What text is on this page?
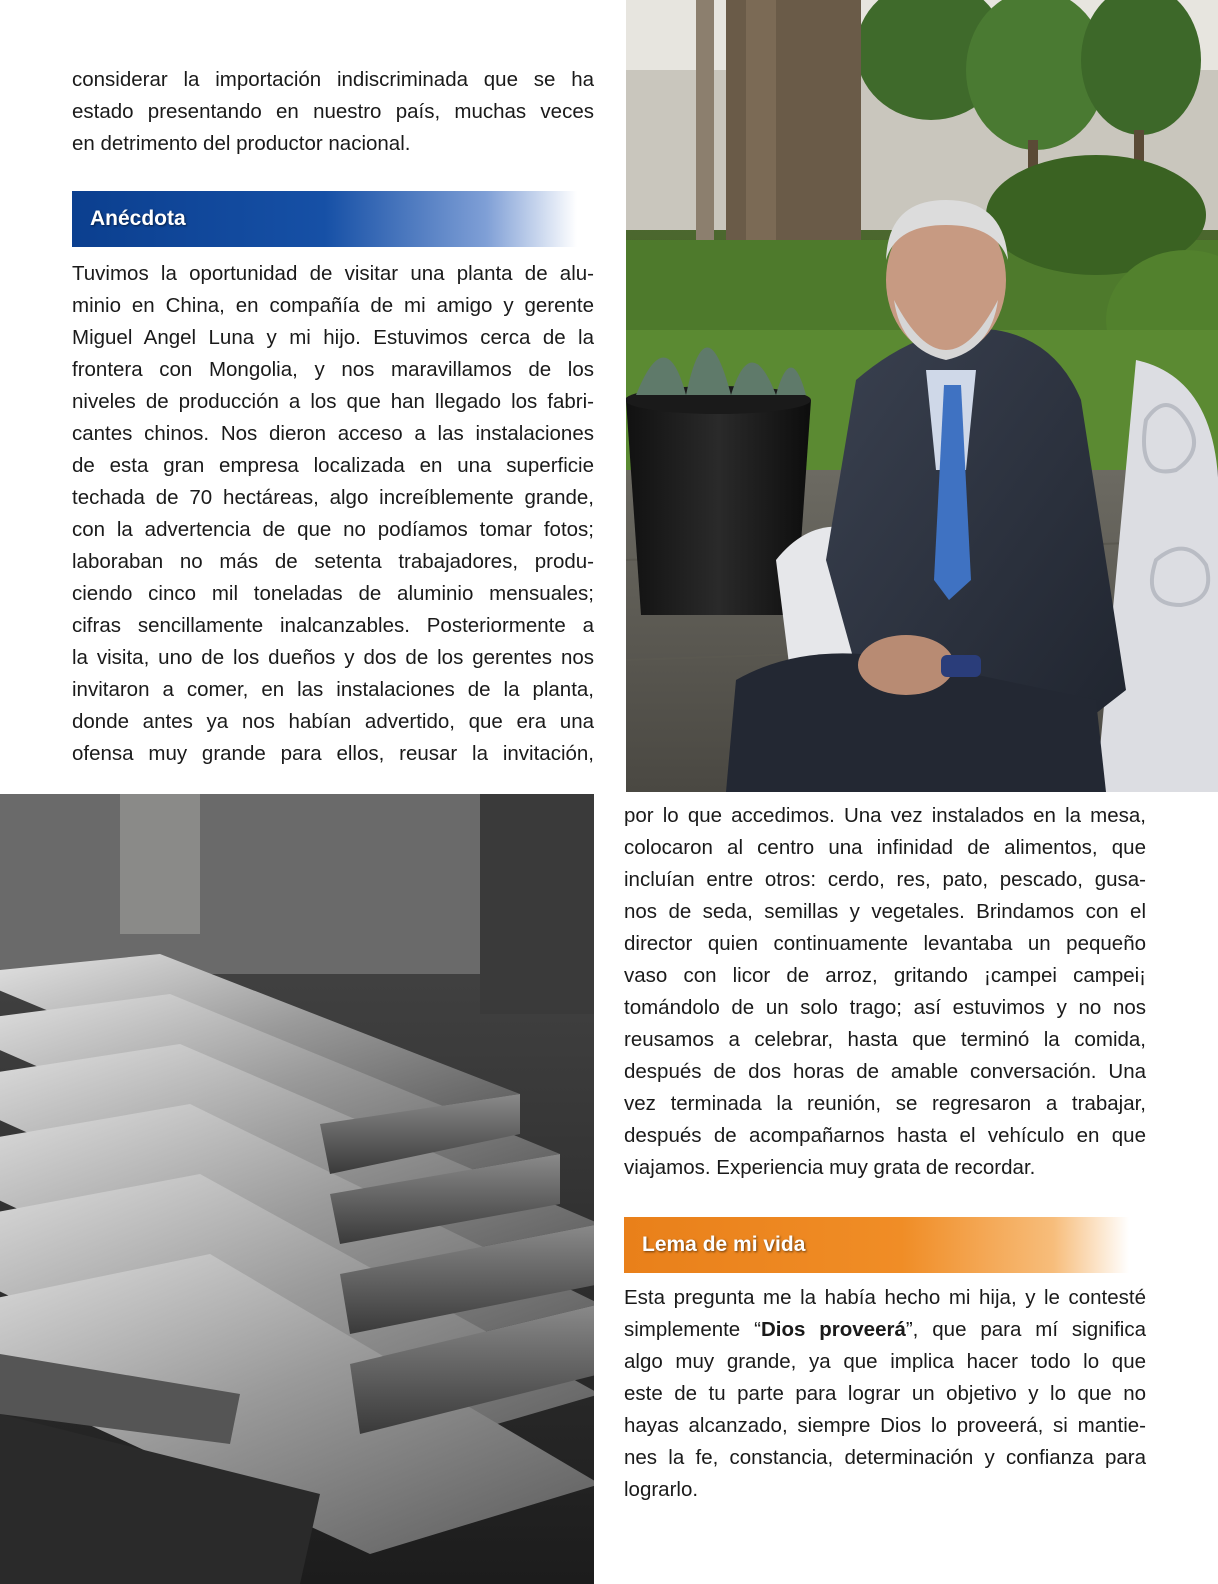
considerar la importación indiscriminada que se ha

estado presentando en nuestro país, muchas veces

en detrimento del productor nacional.

Anécdota

Tuvimos la oportunidad de visitar una planta de alu-

minio en China, en compañía de mi amigo y gerente

Miguel Angel Luna y mi hijo. Estuvimos cerca de la

frontera con Mongolia, y nos maravillamos de los

niveles de producción a los que han llegado los fabri-

cantes chinos. Nos dieron acceso a las instalaciones

de esta gran empresa localizada en una superficie

techada de 70 hectáreas, algo increíblemente grande,

con la advertencia de que no podíamos tomar fotos;

laboraban no más de setenta trabajadores, produ-

ciendo cinco mil toneladas de aluminio mensuales;

cifras sencillamente inalcanzables. Posteriormente a

la visita, uno de los dueños y dos de los gerentes nos

invitaron a comer, en las instalaciones de la planta,

donde antes ya nos habían advertido, que era una

ofensa muy grande para ellos, reusar la invitación,

por lo que accedimos. Una vez instalados en la mesa,

colocaron al centro una infinidad de alimentos, que

incluían entre otros: cerdo, res, pato, pescado, gusa-

nos de seda, semillas y vegetales. Brindamos con el

director quien continuamente levantaba un pequeño

vaso con licor de arroz, gritando ¡campei campei¡

tomándolo de un solo trago; así estuvimos y no nos

reusamos a celebrar, hasta que terminó la comida,

después de dos horas de amable conversación. Una

vez terminada la reunión, se regresaron a trabajar,

después de acompañarnos hasta el vehículo en que

viajamos. Experiencia muy grata de recordar.

Lema de mi vida

Esta pregunta me la había hecho mi hija, y le contesté

simplemente “Dios proveerá”, que para mí significa

algo muy grande, ya que implica hacer todo lo que

este de tu parte para lograr un objetivo y lo que no

hayas alcanzado, siempre Dios lo proveerá, si mantie-

nes la fe, constancia, determinación y confianza para

lograrlo.
